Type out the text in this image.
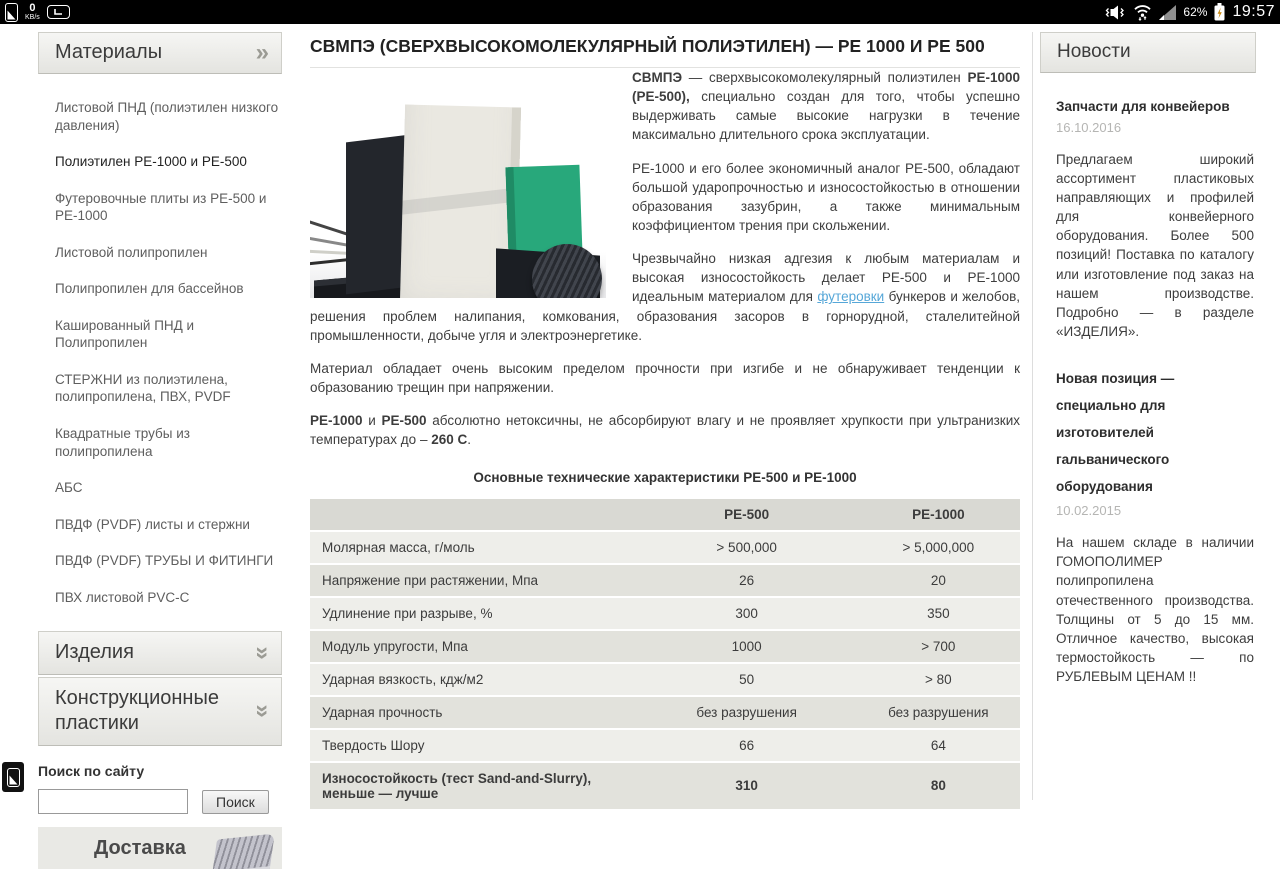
0
KB/s	62% 19:57
Материалы	»
Листовой ПНД (полиэтилен низкого давления)
Полиэтилен PE-1000 и PE-500
Футеровочные плиты из PE-500 и PE-1000
Листовой полипропилен
Полипропилен для бассейнов
Кашированный ПНД и Полипропилен
СТЕРЖНИ из полиэтилена, полипропилена, ПВХ, PVDF
Квадратные трубы из полипропилена
АБС
ПВДФ (PVDF) листы и стержни
ПВДФ (PVDF) ТРУБЫ И ФИТИНГИ
ПВХ листовой PVC-C
Изделия	»
Конструкционные пластики
»
Поиск по сайту
Поиск
Доставка
СВМПЭ (СВЕРХВЫСОКОМОЛЕКУЛЯРНЫЙ ПОЛИЭТИЛЕН) — PE 1000 И PE 500

СВМПЭ — сверхвысокомолекулярный полиэтилен PE-1000 (PE-500), специально создан для того, чтобы успешно выдерживать самые высокие нагрузки в течение максимально длительного срока эксплуатации.

PE-1000 и его более экономичный аналог PE-500, обладают большой ударопрочностью и износостойкостью в отношении образования зазубрин, а также минимальным коэффициентом трения при скольжении.

Чрезвычайно низкая адгезия к любым материалам и высокая износостойкость делает PE-500 и PE-1000 идеальным материалом для футеровки бункеров и желобов, решения проблем налипания, комкования, образования засоров в горнорудной, сталелитейной промышленности, добыче угля и электроэнергетике.

Материал обладает очень высоким пределом прочности при изгибе и не обнаруживает тенденции к образованию трещин при напряжении.

PE-1000 и PE-500 абсолютно нетоксичны, не абсорбируют влагу и не проявляет хрупкости при ультранизких температурах до – 260 С.

Основные технические характеристики PE-500 и PE-1000
	PE-500	PE-1000
Молярная масса, г/моль	> 500,000	> 5,000,000
Напряжение при растяжении, Мпа	26	20
Удлинение при разрыве, %	300	350
Модуль упругости, Мпа	1000	> 700
Ударная вязкость, кдж/м2	50	> 80
Ударная прочность	без разрушения	без разрушения
Твердость Шору	66	64
Износостойкость (тест Sand-and-Slurry), меньше — лучше	310	80
Новости
Запчасти для конвейеров
16.10.2016
Предлагаем широкий ассортимент пластиковых направляющих и профилей для конвейерного оборудования. Более 500 позиций! Поставка по каталогу или изготовление под заказ на нашем производстве. Подробно — в разделе «ИЗДЕЛИЯ».
Новая позиция — специально для изготовителей гальванического оборудования
10.02.2015
На нашем складе в наличии ГОМОПОЛИМЕР полипропилена отечественного производства. Толщины от 5 до 15 мм. Отличное качество, высокая термостойкость — по РУБЛЕВЫМ ЦЕНАМ !!
